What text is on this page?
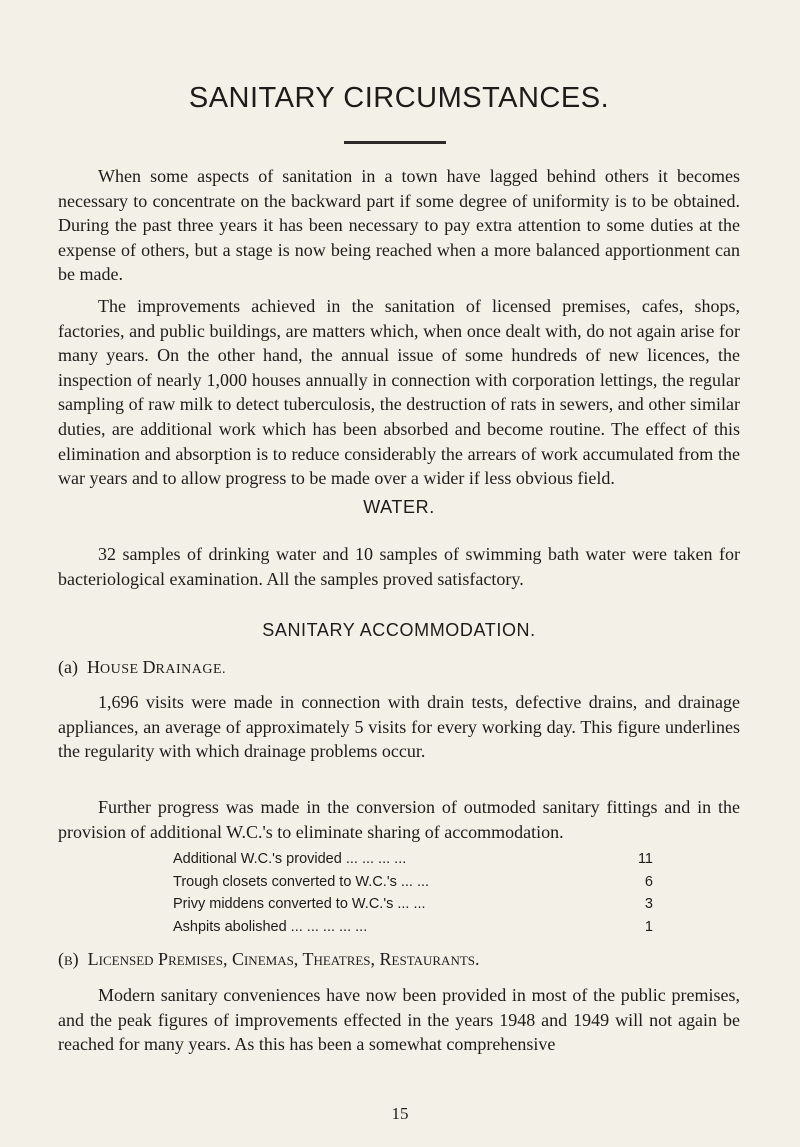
SANITARY CIRCUMSTANCES.

When some aspects of sanitation in a town have lagged behind others it becomes necessary to concentrate on the backward part if some degree of uniformity is to be obtained. During the past three years it has been necessary to pay extra attention to some duties at the expense of others, but a stage is now being reached when a more balanced apportionment can be made.

The improvements achieved in the sanitation of licensed premises, cafes, shops, factories, and public buildings, are matters which, when once dealt with, do not again arise for many years. On the other hand, the annual issue of some hundreds of new licences, the inspection of nearly 1,000 houses annually in connection with corporation lettings, the regular sampling of raw milk to detect tuberculosis, the destruction of rats in sewers, and other similar duties, are additional work which has been absorbed and become routine. The effect of this elimination and absorption is to reduce considerably the arrears of work accumulated from the war years and to allow progress to be made over a wider if less obvious field.

WATER.

32 samples of drinking water and 10 samples of swimming bath water were taken for bacteriological examination. All the samples proved satisfactory.

SANITARY ACCOMMODATION.
(a) HOUSE DRAINAGE.

1,696 visits were made in connection with drain tests, defective drains, and drainage appliances, an average of approximately 5 visits for every working day. This figure underlines the regularity with which drainage problems occur.

Further progress was made in the conversion of outmoded sanitary fittings and in the provision of additional W.C.'s to eliminate sharing of accommodation.

Additional W.C.'s provided ... ... ... ...	11
Trough closets converted to W.C.'s ... ...	6
Privy middens converted to W.C.'s ... ...	3
Ashpits abolished ... ... ... ... ...	1
(b) Licensed Premises, Cinemas, Theatres, Restaurants.

Modern sanitary conveniences have now been provided in most of the public premises, and the peak figures of improvements effected in the years 1948 and 1949 will not again be reached for many years. As this has been a somewhat comprehensive

15
